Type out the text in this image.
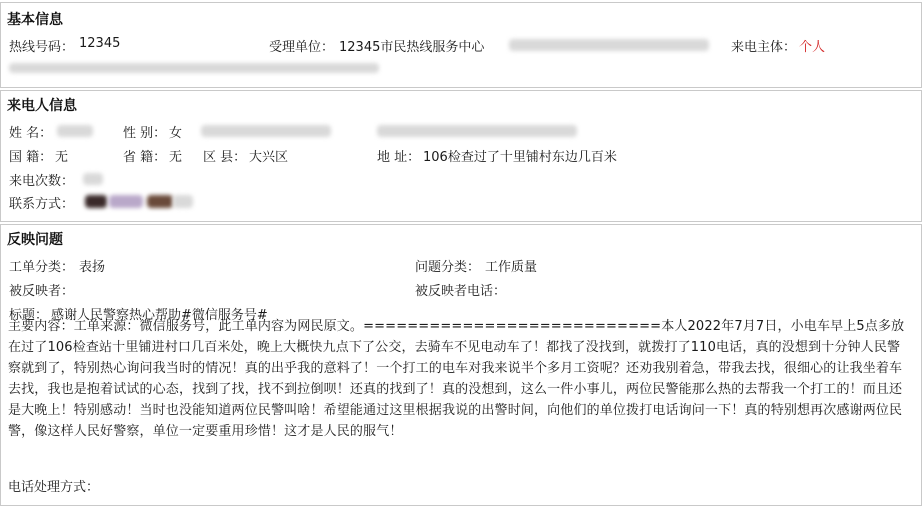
基本信息
热线号码： 12345	受理单位： 12345市民热线服务中心	来电主体： 个人
来电人信息
姓 名：	性 别： 女
国 籍： 无	省 籍： 无 区 县： 大兴区	地 址： 106检查过了十里铺村东边几百米
来电次数：
联系方式：
反映问题
工单分类： 表扬	问题分类： 工作质量
被反映者：	被反映者电话：
标题： 感谢人民警察热心帮助#微信服务号#
主要内容：工单来源：微信服务号，此工单内容为网民原文。===========================本人2022年7月7日，小电车早上5点多放在过了106检查站十里铺进村口几百米处，晚上大概快九点下了公交，去骑车不见电动车了！都找了没找到，就拨打了110电话，真的没想到十分钟人民警察就到了，特别热心询问我当时的情况！真的出乎我的意料了！一个打工的电车对我来说半个多月工资呢？还劝我别着急，带我去找，很细心的让我坐着车去找，我也是抱着试试的心态，找到了找，找不到拉倒呗！还真的找到了！真的没想到，这么一件小事儿，两位民警能那么热的去帮我一个打工的！而且还是大晚上！特别感动！当时也没能知道两位民警叫啥！希望能通过这里根据我说的出警时间，向他们的单位拨打电话询问一下！真的特别想再次感谢两位民警，像这样人民好警察，单位一定要重用珍惜！这才是人民的服气！
电话处理方式：
